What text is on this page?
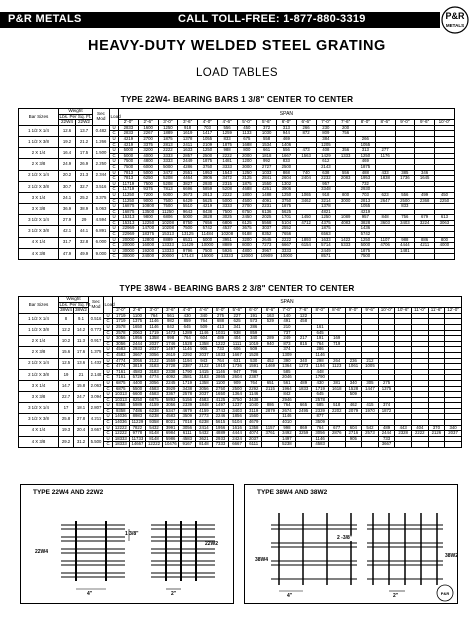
P&R METALS	CALL TOLL-FREE: 1-877-880-3319	P&R
METALS
HEAVY-DUTY WELDED STEEL GRATING
LOAD TABLES
TYPE 22W4- BEARING BARS 1 3/8" CENTER TO CENTER
Bar Sizes	Weight		Sec Mod	Load	SPAN																
	Lbs. Per Sq. Ft.																				
	22W4	22W2			2'-0"	2'-6"	3'-0"	3'-6"	4'-0"	4'-6"	5'-0"	5'-6"	6'-0"	6'-6"	7'-0"	7'-6"	8'-0"	8'-6"	9'-0"	9'-6"	10'-0"
1 1/2 X 1/4	12.6	13.7	0.482	U	2833	1600	1250	918	703	556	450	372	313	266	230	200					
				C	2833	2267	1889	1619	1417	1259	1133	1030	944	872	809	756					
1 1/2 X 3/8	19.2	21.2	1.266	U	4219	2700	1875	1378	1055	833	675	558	469		384		266				
				C	4219	3375	2813	2411	2109	1875	1688	1534	1406		1205		1055				
2 X 1/4	16.4	17.5	1.500	U	5000	3200	2222	1633	1250	988	800	661	556	473	408	356	313	277			
				C	5000	4000	3333	2857	2500	2222	2000	1818	1667	1563	1429	1333	1250	1176			
2 X 3/8	24.9	26.9	2.250	U	7500	4800	3333	2449	1875	1481	1200	992	833		612		469				
				C	7500	6000	5000	4286	3750	3333	3000	2727	2500		2143		1875				
2 1/2 X 1/4	20.2	21.3	2.344	U	7813	5000	3472	2551	1953	1543	1250	1033	868	740	638	556	488	433	385	346	
				C	7813	6250	5208	4464	3906	3472	3125	2841	2604	2404	2232	2083	1953	1838	1736	1645	
2 1/2 X 3/8	30.7	32.7	3.516	U	11719	7500	5208	3827	2930	2315	1875	1550	1302		957		732				
				C	11719	9375	7813	6696	5859	5208	4688	4261	3906		3348		2930				
3 X 1/4	24.1	25.2	3.375	U	11250	7200	5000	3673	2813	2222	1800	1488	1250	1065	918	800	703	623	556	499	450
				C	11250	9000	7500	6429	5625	5000	4500	4091	3750	3462	3214	3000	2813	2647	2500	2368	2250
3 X 3/8	36.9	38.9	5.063	U	16875	10800	7500	5510	4219	3333	2700	2231	1875		1378		1055		833		
				C	16875	13500	11250	9643	8438	7500	6750	6136	5625		4821		4219				
3 1/2 X 1/4	27.9	29	4.594	U	15313	9800	6806	5000	3828	3025	2450	2025	1701	1450	1250	1089	957	848	756	679	613
				C	15313	12250	10208	8750	7656	6806	6125	5568	5104	4712	4375	4083	3828	3603	3403	3224	3063
3 1/2 X 3/8	42.1	44.1	6.891	U	22969	14700	10208	7500	5742	4537	3675	3037	2552		1875		1436				
				C	22969	18375	15313	13125	11484	10208	9188	8352	7656		6563		5742				
4 X 1/4	31.7	32.8	6.000	U	20000	12800	8889	6531	5000	3951	3200	2645	2222	1893	1633	1422	1250	1107	988	886	800
				C	20000	16000	13333	11429	10000	8889	8000	7273	6667	6154	5714	5333	5000	4706	4444	4211	4000
4 X 3/8	47.9	49.9	9.000	U	30000	19200	13333	9796	7500	5926	4800	3967	3333		2449		1875		1481		
				C	30000	24000	20000	17143	15000	13333	12000	10909	10000		8571		7500				
TYPE 38W4 - BEARING BARS 2 3/8" CENTER TO CENTER
Bar Sizes	Weight		Sec Mod	Load	SPAN																				
	Lbs. Per Sq. Ft.																								
	38W4	38W2			2'-0"	2'-6"	3'-0"	3'-6"	4'-0"	4'-6"	5'-0"	5'-6"	6'-0"	6'-6"	7'-0"	7'-6"	8'-0"	8'-6"	9'-0"	9'-6"	10'-0"	10'-6"	11'-0"	11'-6"	12'-0"
1 1/2 X 1/4	8	9.1	0.516	U	1719	1100	764	561	430	340	275	227	191	163	140	122									
				C	1719	1375	1146	982	859	764	688	625	573	529	491	458									
1 1/2 X 3/8	12.2	14.2	0.773	U	2578	1650	1146	842	645	509	413	341	286		210		161								
				C	2578	2063	1719	1473	1289	1146	1031	938	859		737		645								
2 X 1/4	10.2	11.3	0.917	U	3056	1956	1358	998	764	604	489	404	340	289	249	217	191	169							
				C	3056	2444	2037	1746	1528	1358	1222	1111	1019	940	873	815	764	719							
2 X 3/8	15.6	17.6	1.375	U	4583	2933	2037	1497	1146	905	733	606	509		374		286								
				C	4583	3667	3056	2619	2292	2037	1833	1667	1528		1309		1146								
2 1/2 X 1/4	12.5	13.6	1.432	U	4774	3056	2122	1559	1194	943	764	631	530	452	390	340	298	264	236	212					
				C	4774	3819	3183	2728	2387	2122	1910	1736	1591	1469	1364	1273	1194	1123	1061	1005					
2 1/2 X 3/8	19	21	2.148	U	7161	4583	3183	2338	1790	1415	1146	947	796		585		448								
				C	7161	5729	4774	4092	3581	3183	2865	2604	2387		2046		1790								
3 X 1/4	14.7	15.8	2.063	U	6875	4400	3056	2245	1719	1358	1100	909	764	651	561	489	430	381	340	305	275				
				C	6875	5500	4583	3929	3438	3056	2750	2500	2292	2115	1964	1833	1719	1618	1528	1447	1375				
3 X 3/8	22.7	24.7	3.094	U	10313	6600	4583	3367	2578	2037	1650	1364	1146		842		645		509						
				C	10313	8250	6875	5893	5156	4583	4125	3750	3438		2946		2578								
3 1/2 X 1/4	17	18.1	2.807	U	9358	5989	4159	3056	2339	1848	1497	1237	1040	886	764	665	585	518	462	415	374				
				C	9358	7486	6238	5347	4679	4159	3743	3403	3119	2879	2674	2495	2339	2202	2079	1970	1872				
3 1/2 X 3/8	25.8	27.8	4.211	U	14036	8983	6238	4583	3509	2773	2246	1856	1560		1146		877								
				C	14036	11229	9358	8021	7018	6238	5615	5104	4679		4010		3509								
4 X 1/4	19.3	20.4	3.667	U	12222	7822	5432	3991	3056	2414	1956	1616	1358	1157	998	869	764	677	604	542	489	443	404	370	340
				C	12222	9778	8148	6984	6111	5432	4889	4444	4074	3761	3492	3259	3056	2876	2716	2573	2444	2328	2222	2126	2037
4 X 3/8	29.2	31.2	5.500	U	18333	11733	8148	5986	4583	3621	2933	2424	2037		1497		1146		905		733				
				C	18333	14667	12222	10476	9167	8148	7333	6667	6111		5238		4583				3667				
TYPE 22W4 AND 22W2
22W4
22W2
1 3/8"
4"	2"
TYPE 38W4 AND 38W2
P&R
38W4
38W2
2 -3/8"
4"	2"
